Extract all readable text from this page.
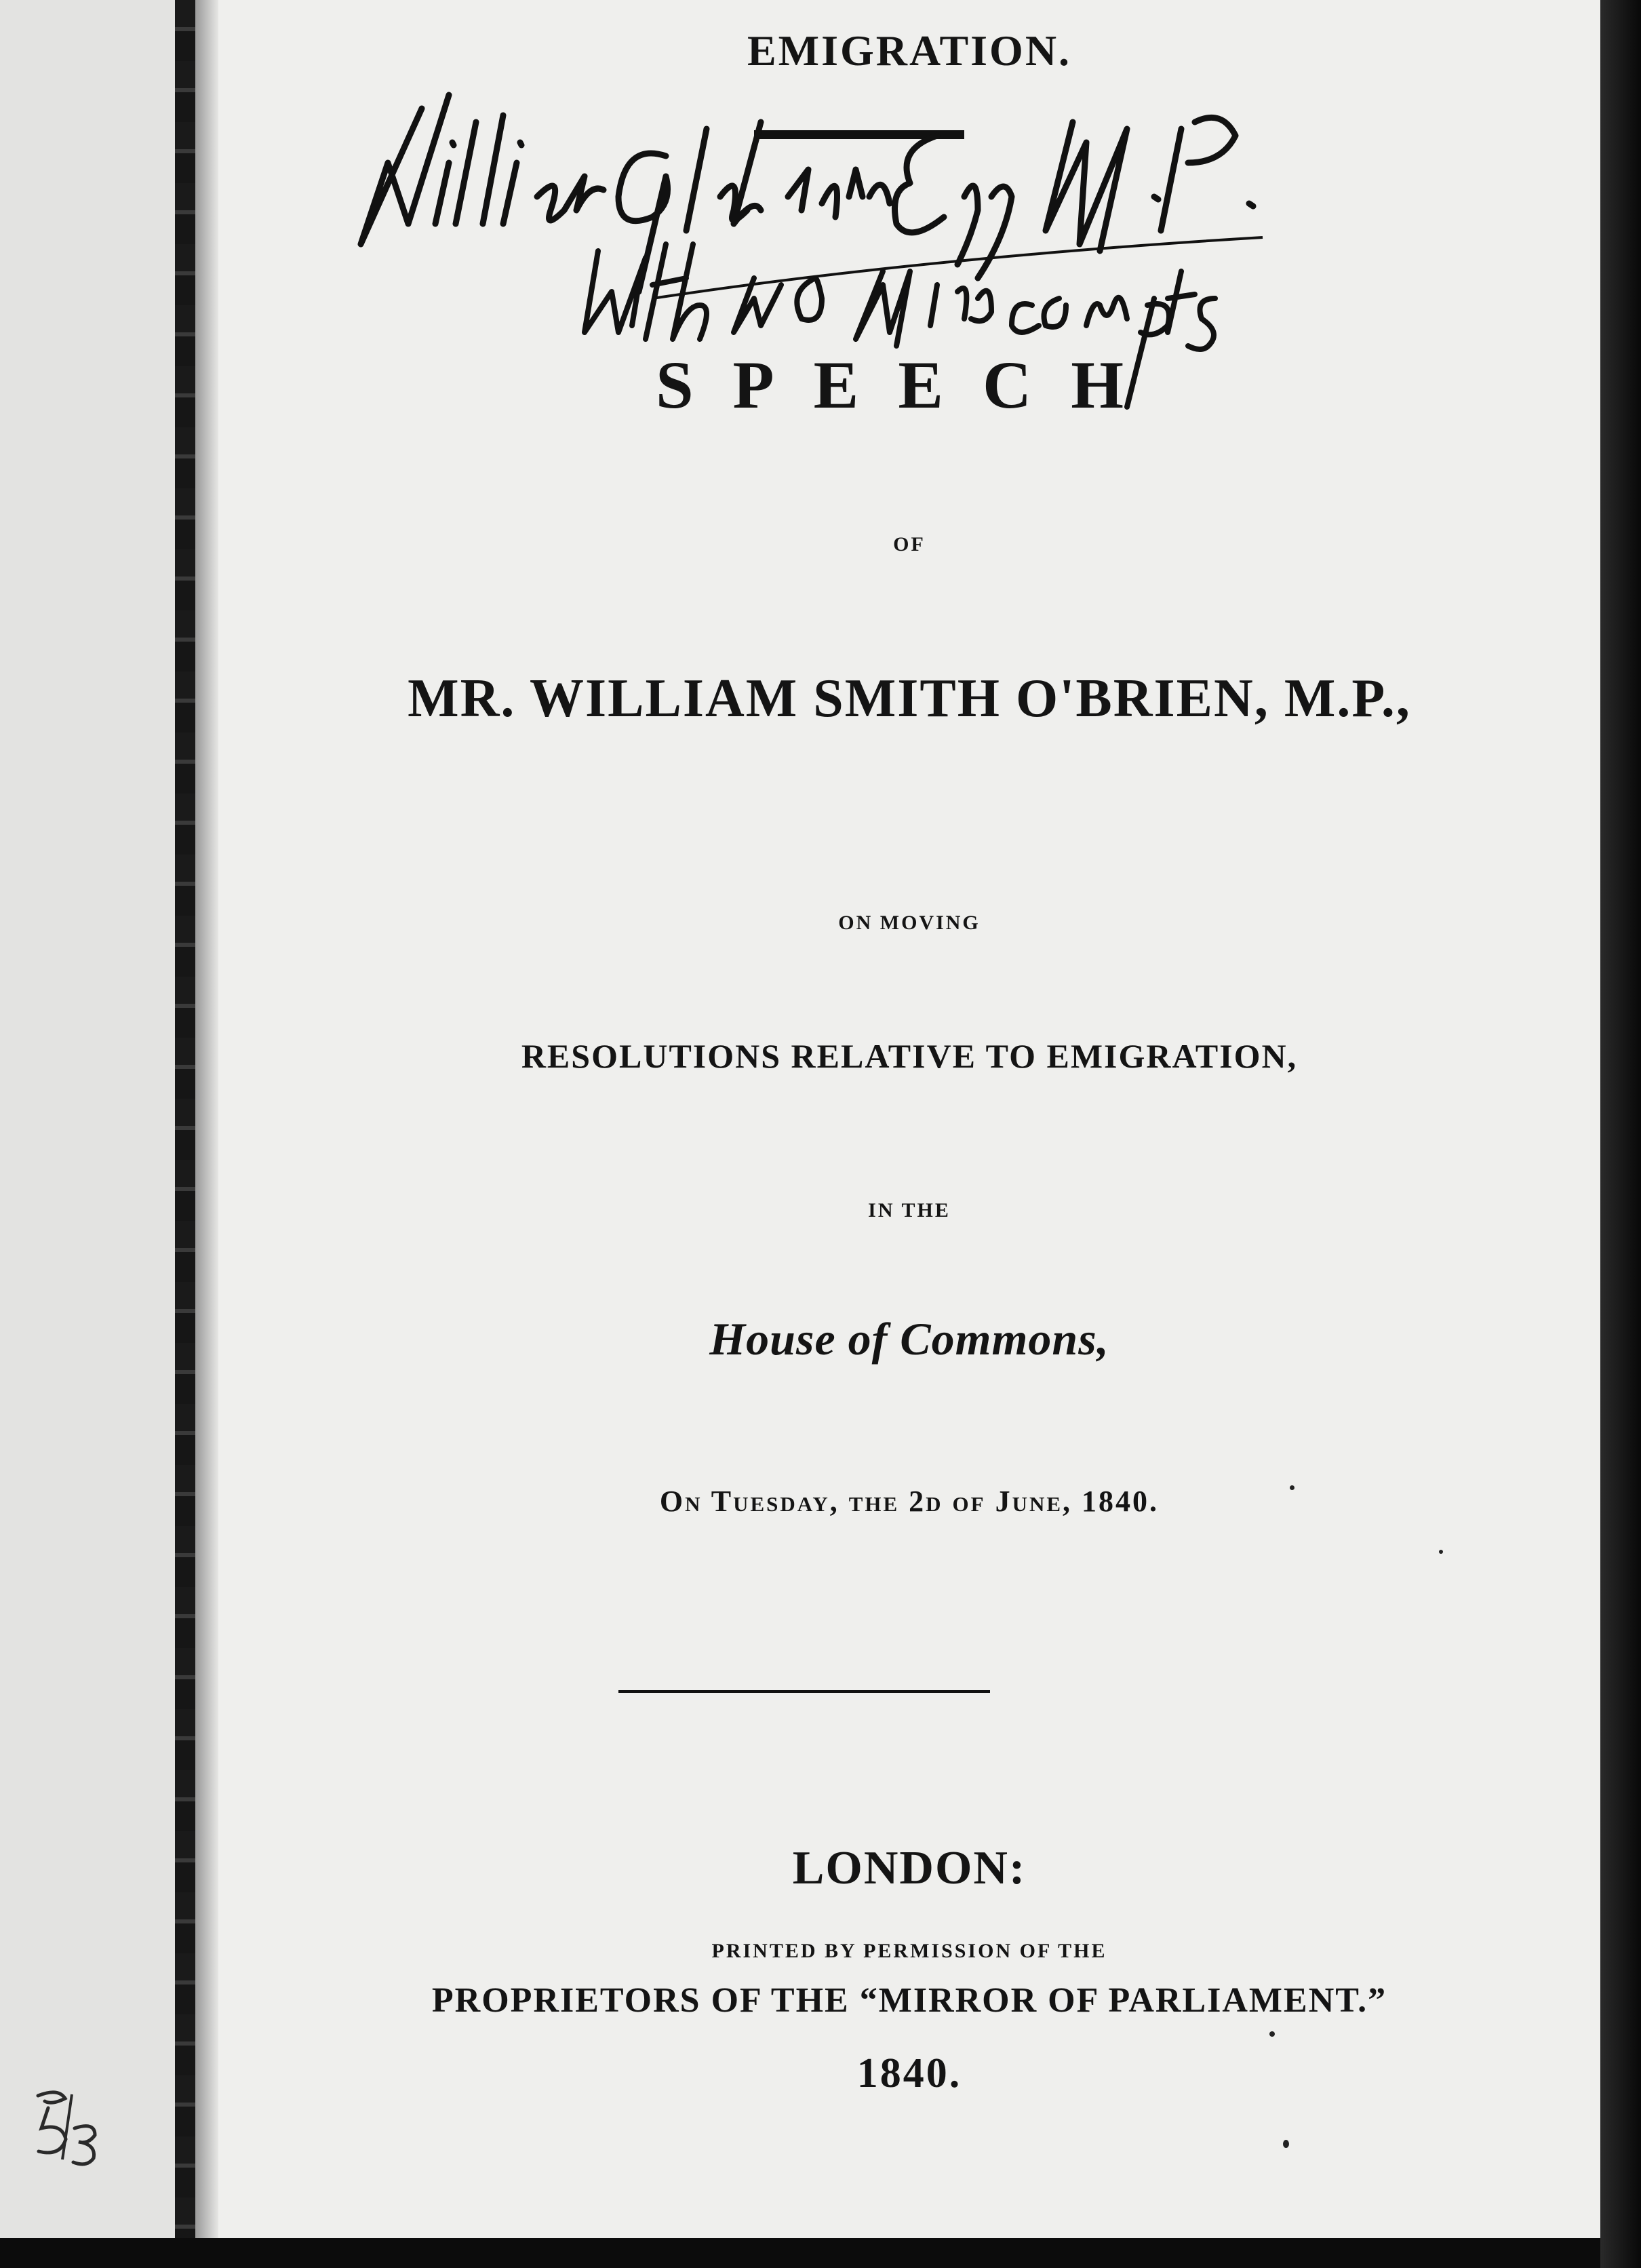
EMIGRATION.
SPEECH
OF
MR. WILLIAM SMITH O'BRIEN, M.P.,
ON MOVING
RESOLUTIONS RELATIVE TO EMIGRATION,
IN THE
House of Commons,
On Tuesday, the 2d of June, 1840.
LONDON:
PRINTED BY PERMISSION OF THE
PROPRIETORS OF THE “MIRROR OF PARLIAMENT.”
1840.
